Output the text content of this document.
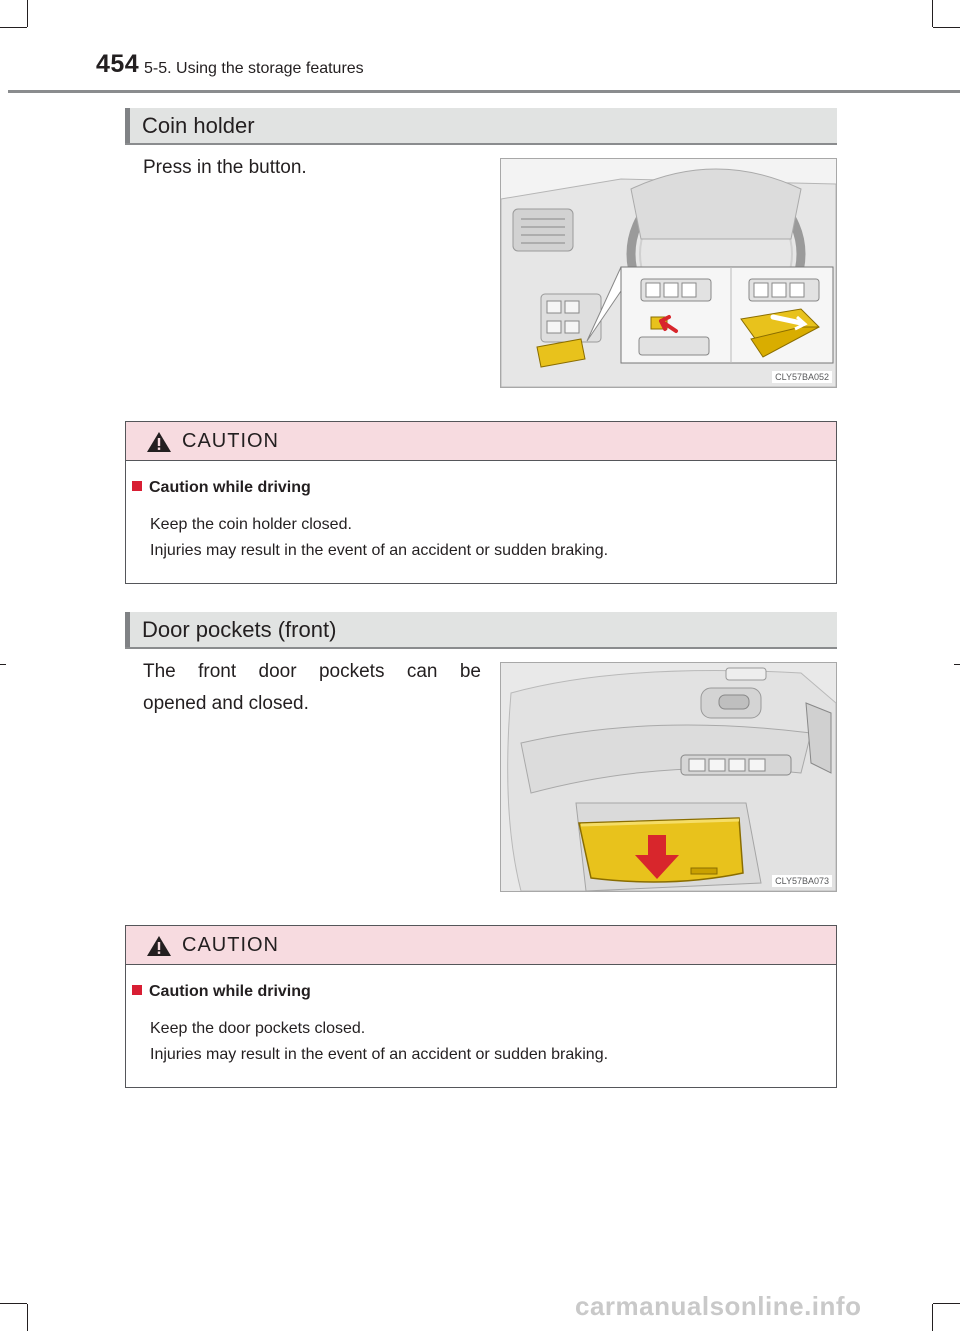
454 5-5. Using the storage features
Coin holder
Press in the button.
CLY57BA052
CAUTION
Caution while driving
Keep the coin holder closed.
Injuries may result in the event of an accident or sudden braking.
Door pockets (front)
The front door pockets can be
opened and closed.
CLY57BA073
CAUTION
Caution while driving
Keep the door pockets closed.
Injuries may result in the event of an accident or sudden braking.
carmanualsonline.info
